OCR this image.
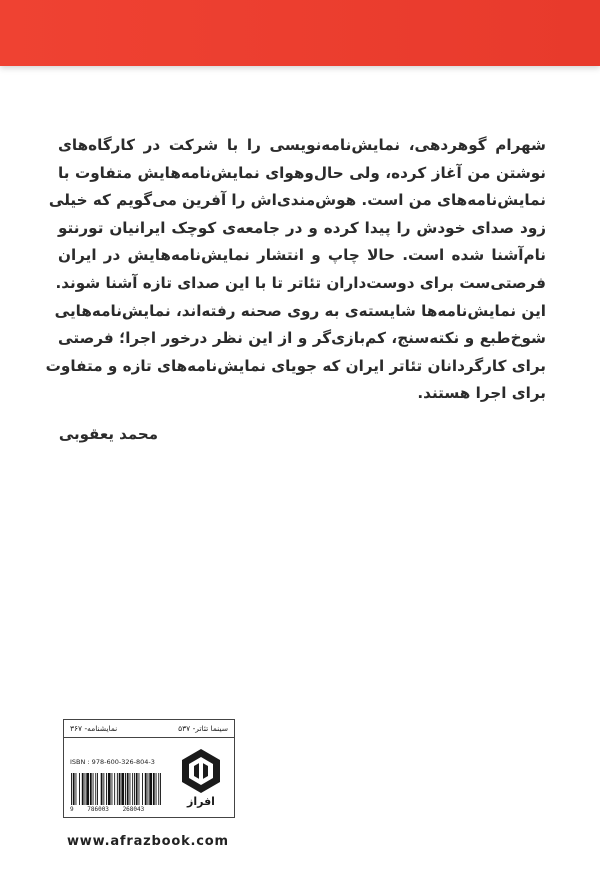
شهرام گوهردهی، نمایش‌نامه‌نویسی را با شرکت در کارگاه‌های
نوشتن من آغاز کرده، ولی حال‌وهوای نمایش‌نامه‌هایش متفاوت با
نمایش‌نامه‌های من است. هوش‌مندی‌اش را آفرین می‌گویم که خیلی
زود صدای خودش را پیدا کرده و در جامعه‌ی کوچک ایرانیان تورنتو
نام‌آشنا شده است. حالا چاپ و انتشار نمایش‌نامه‌هایش در ایران
فرصتی‌ست برای دوست‌داران تئاتر تا با این صدای تازه آشنا شوند.
این نمایش‌نامه‌ها شایسته‌ی به روی صحنه رفته‌اند، نمایش‌نامه‌هایی
شوخ‌طبع و نکته‌سنج، کم‌بازی‌گر و از این نظر درخور اجرا؛ فرصتی
برای کارگردانان تئاتر ایران که جویای نمایش‌نامه‌های تازه و متفاوت
برای اجرا هستند.
محمد یعقوبی
سینما تئاتر- ۵۳۷
نمایشنامه- ۳۶۷
ISBN : 978-600-326-804-3
9 786003 268043
افراز
www.afrazbook.com
